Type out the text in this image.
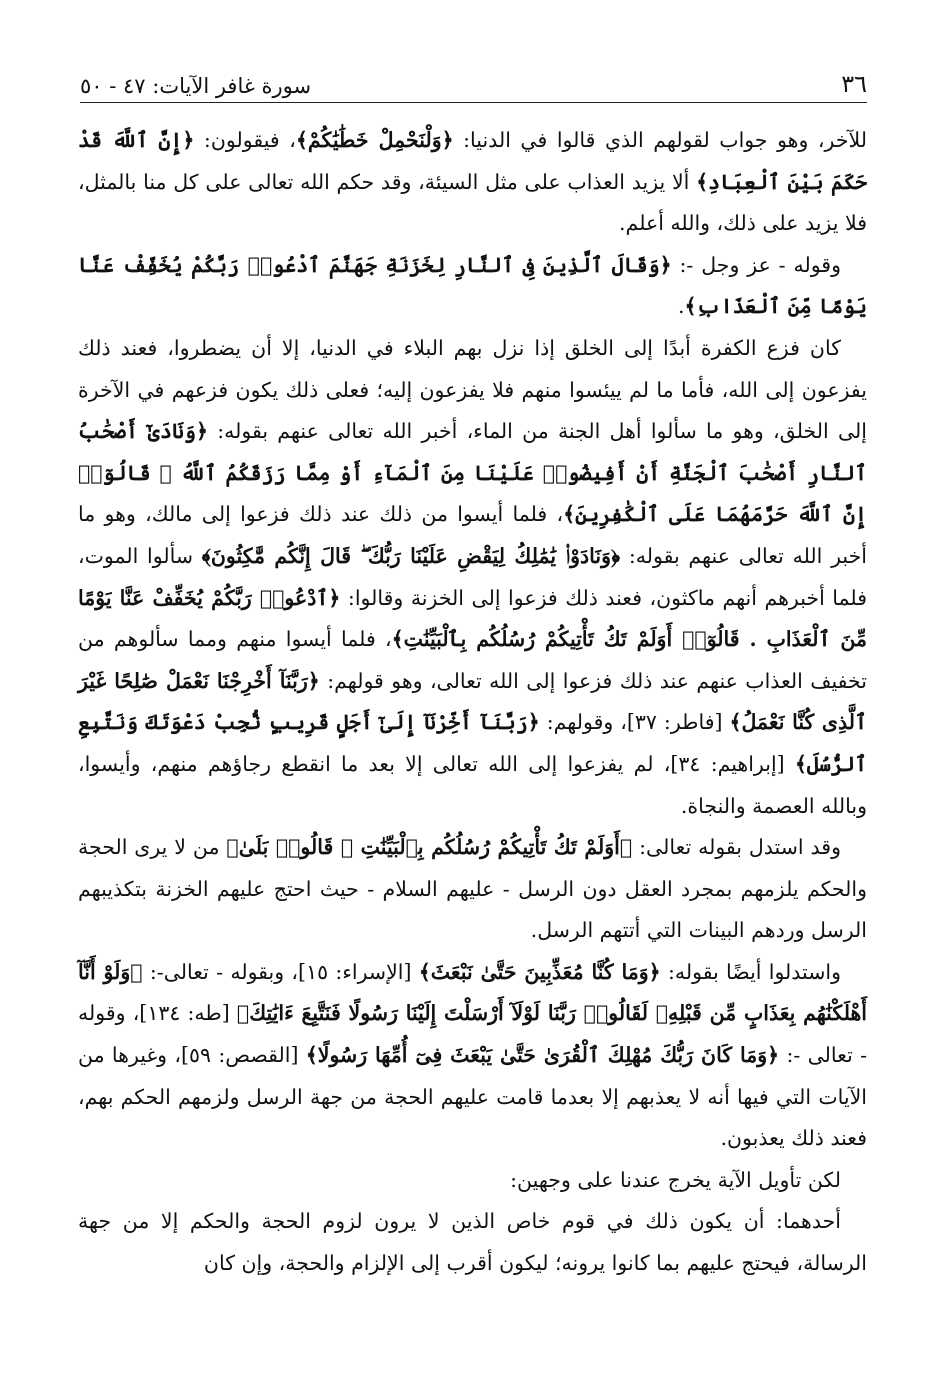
٣٦
سورة غافر الآيات: ٤٧ - ٥٠

للآخر، وهو جواب لقولهم الذي قالوا في الدنيا: ﴿وَلْنَحْمِلْ خَطَٰيَٰكُمْ﴾، فيقولون: ﴿إِنَّ ٱللَّهَ قَدْ حَكَمَ بَيْنَ ٱلْعِبَادِ﴾ ألا يزيد العذاب على مثل السيئة، وقد حكم الله تعالى على كل منا بالمثل، فلا يزيد على ذلك، والله أعلم.

وقوله - عز وجل -: ﴿وَقَالَ ٱلَّذِينَ فِى ٱلنَّارِ لِخَزَنَةِ جَهَنَّمَ ٱدْعُوا۟ رَبَّكُمْ يُخَفِّفْ عَنَّا يَوْمًا مِّنَ ٱلْعَذَابِ﴾.

كان فزع الكفرة أبدًا إلى الخلق إذا نزل بهم البلاء في الدنيا، إلا أن يضطروا، فعند ذلك يفزعون إلى الله، فأما ما لم ييئسوا منهم فلا يفزعون إليه؛ فعلى ذلك يكون فزعهم في الآخرة إلى الخلق، وهو ما سألوا أهل الجنة من الماء، أخبر الله تعالى عنهم بقوله: ﴿وَنَادَىٰٓ أَصْحَٰبُ ٱلنَّارِ أَصْحَٰبَ ٱلْجَنَّةِ أَنْ أَفِيضُوا۟ عَلَيْنَا مِنَ ٱلْمَآءِ أَوْ مِمَّا رَزَقَكُمُ ٱللَّهُ ۚ قَالُوٓا۟ إِنَّ ٱللَّهَ حَرَّمَهُمَا عَلَى ٱلْكَٰفِرِينَ﴾، فلما أيسوا من ذلك عند ذلك فزعوا إلى مالك، وهو ما أخبر الله تعالى عنهم بقوله: ﴿وَنَادَوْا۟ يَٰمَٰلِكُ لِيَقْضِ عَلَيْنَا رَبُّكَ ۖ قَالَ إِنَّكُم مَّٰكِثُونَ﴾ سألوا الموت، فلما أخبرهم أنهم ماكثون، فعند ذلك فزعوا إلى الخزنة وقالوا: ﴿ٱدْعُوا۟ رَبَّكُمْ يُخَفِّفْ عَنَّا يَوْمًا مِّنَ ٱلْعَذَابِ . قَالُوٓا۟ أَوَلَمْ تَكُ تَأْتِيكُمْ رُسُلُكُم بِٱلْبَيِّنَٰتِ﴾، فلما أيسوا منهم ومما سألوهم من تخفيف العذاب عنهم عند ذلك فزعوا إلى الله تعالى، وهو قولهم: ﴿رَبَّنَآ أَخْرِجْنَا نَعْمَلْ صَٰلِحًا غَيْرَ ٱلَّذِى كُنَّا نَعْمَلُ﴾ [فاطر: ٣٧]، وقولهم: ﴿رَبَّنَآ أَخِّرْنَآ إِلَىٰٓ أَجَلٍ قَرِيبٍ نُّجِبْ دَعْوَتَكَ وَنَتَّبِعِ ٱلرُّسُلَ﴾ [إبراهيم: ٣٤]، لم يفزعوا إلى الله تعالى إلا بعد ما انقطع رجاؤهم منهم، وأيسوا، وبالله العصمة والنجاة.

وقد استدل بقوله تعالى: ﴿أَوَلَمْ تَكُ تَأْتِيكُمْ رُسُلُكُم بِٱلْبَيِّنَٰتِ ۖ قَالُوا۟ بَلَىٰ﴾ من لا يرى الحجة والحكم يلزمهم بمجرد العقل دون الرسل - عليهم السلام - حيث احتج عليهم الخزنة بتكذيبهم الرسل وردهم البينات التي أتتهم الرسل.

واستدلوا أيضًا بقوله: ﴿وَمَا كُنَّا مُعَذِّبِينَ حَتَّىٰ نَبْعَثَ﴾ [الإسراء: ١٥]، وبقوله - تعالى-: ﴿وَلَوْ أَنَّآ أَهْلَكْنَٰهُم بِعَذَابٍ مِّن قَبْلِهِۦ لَقَالُوا۟ رَبَّنَا لَوْلَآ أَرْسَلْتَ إِلَيْنَا رَسُولًا فَنَتَّبِعَ ءَايَٰتِكَ﴾ [طه: ١٣٤]، وقوله - تعالى -: ﴿وَمَا كَانَ رَبُّكَ مُهْلِكَ ٱلْقُرَىٰ حَتَّىٰ يَبْعَثَ فِىٓ أُمِّهَا رَسُولًا﴾ [القصص: ٥٩]، وغيرها من الآيات التي فيها أنه لا يعذبهم إلا بعدما قامت عليهم الحجة من جهة الرسل ولزمهم الحكم بهم، فعند ذلك يعذبون.

لكن تأويل الآية يخرج عندنا على وجهين:

أحدهما: أن يكون ذلك في قوم خاص الذين لا يرون لزوم الحجة والحكم إلا من جهة الرسالة، فيحتج عليهم بما كانوا يرونه؛ ليكون أقرب إلى الإلزام والحجة، وإن كان
